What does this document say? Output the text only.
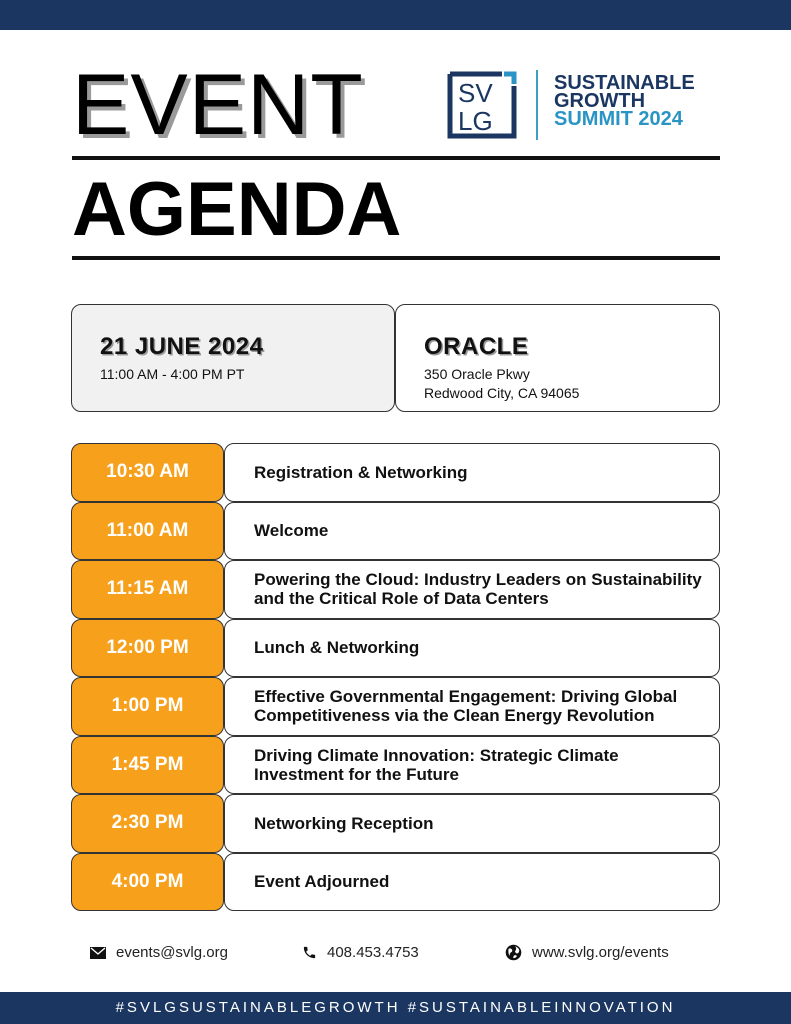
EVENT
AGENDA
SV
LG
SUSTAINABLE
GROWTH
SUMMIT 2024
21 JUNE 2024
11:00 AM - 4:00 PM PT
ORACLE
350 Oracle Pkwy
Redwood City, CA 94065
10:30 AM	Registration & Networking
11:00 AM	Welcome
11:15 AM	Powering the Cloud: Industry Leaders on Sustainability and the Critical Role of Data Centers
12:00 PM	Lunch & Networking
1:00 PM	Effective Governmental Engagement: Driving Global Competitiveness via the Clean Energy Revolution
1:45 PM	Driving Climate Innovation: Strategic Climate Investment for the Future
2:30 PM	Networking Reception
4:00 PM	Event Adjourned
events@svlg.org	408.453.4753	www.svlg.org/events
#SVLGSUSTAINABLEGROWTH #SUSTAINABLEINNOVATION
